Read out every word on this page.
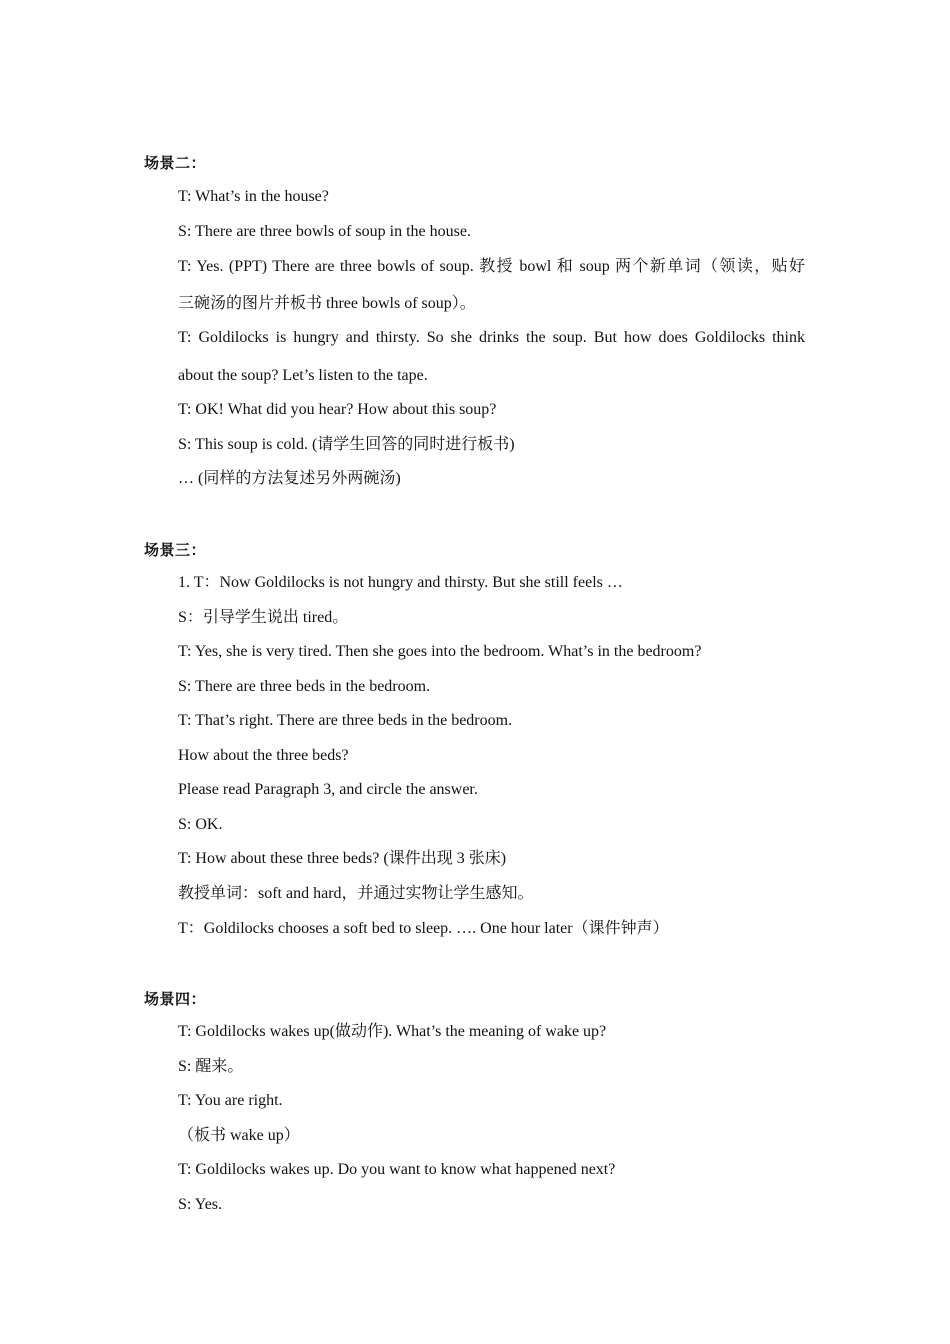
场景二：
T: What’s in the house?
S: There are three bowls of soup in the house.
T: Yes. (PPT) There are three bowls of soup. 教授 bowl 和 soup 两个新单词（领读，贴好
三碗汤的图片并板书 three bowls of soup）。
T: Goldilocks is hungry and thirsty. So she drinks the soup. But how does Goldilocks think
about the soup? Let’s listen to the tape.
T: OK! What did you hear? How about this soup?
S: This soup is cold. (请学生回答的同时进行板书)
… (同样的方法复述另外两碗汤)
场景三：
1. T：Now Goldilocks is not hungry and thirsty. But she still feels …
S：引导学生说出 tired。
T: Yes, she is very tired. Then she goes into the bedroom. What’s in the bedroom?
S: There are three beds in the bedroom.
T: That’s right. There are three beds in the bedroom.
How about the three beds?
Please read Paragraph 3, and circle the answer.
S: OK.
T: How about these three beds? (课件出现 3 张床)
教授单词：soft and hard，并通过实物让学生感知。
T：Goldilocks chooses a soft bed to sleep. …. One hour later（课件钟声）
场景四：
T: Goldilocks wakes up(做动作). What’s the meaning of wake up?
S: 醒来。
T: You are right.
（板书 wake up）
T: Goldilocks wakes up. Do you want to know what happened next?
S: Yes.
